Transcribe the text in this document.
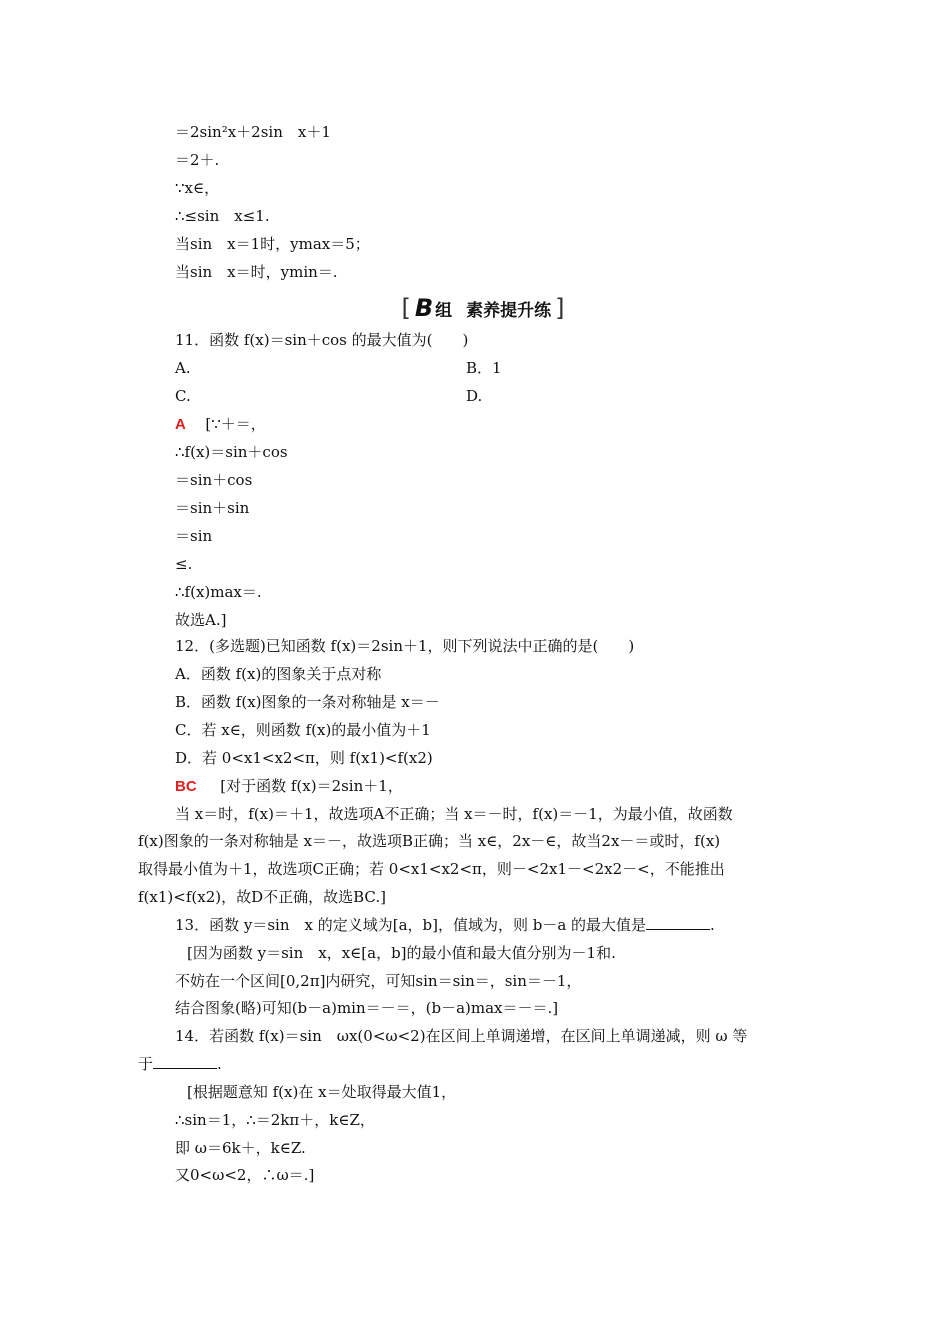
＝2sin²x＋2sin　x＋1
＝2＋.
∵x∈，
∴≤sin　x≤1.
当sin　x＝1时，ymax＝5；
当sin　x＝时，ymin＝.
[ B 组 素养提升练 ]
11．函数 f(x)＝sin＋cos 的最大值为(　　)
A.	B．1
C.	D.
A [∵＋＝，
∴f(x)＝sin＋cos
＝sin＋cos
＝sin＋sin
＝sin
≤.
∴f(x)max＝.
故选A.]
12．(多选题)已知函数 f(x)＝2sin＋1，则下列说法中正确的是(　　)
A．函数 f(x)的图象关于点对称
B．函数 f(x)图象的一条对称轴是 x＝－
C．若 x∈，则函数 f(x)的最小值为＋1
D．若 0<x1<x2<π，则 f(x1)<f(x2)
BC [对于函数 f(x)＝2sin＋1，
当 x＝时，f(x)＝＋1，故选项A不正确；当 x＝－时，f(x)＝－1，为最小值，故函数
f(x)图象的一条对称轴是 x＝－，故选项B正确；当 x∈，2x－∈，故当2x－＝或时，f(x)
取得最小值为＋1，故选项C正确；若 0<x1<x2<π，则－<2x1－<2x2－<，不能推出
f(x1)<f(x2)，故D不正确，故选BC.]
13．函数 y＝sin　x 的定义域为[a，b]，值域为，则 b－a 的最大值是	.
[因为函数 y＝sin　x，x∈[a，b]的最小值和最大值分别为－1和.
不妨在一个区间[0,2π]内研究，可知sin＝sin＝，sin＝－1，
结合图象(略)可知(b－a)min＝－＝，(b－a)max＝－＝.]
14．若函数 f(x)＝sin　ωx(0<ω<2)在区间上单调递增，在区间上单调递减，则 ω 等
于	.
[根据题意知 f(x)在 x＝处取得最大值1，
∴sin＝1，∴＝2kπ＋，k∈Z，
即 ω＝6k＋，k∈Z.
又0<ω<2，∴ω＝.]
